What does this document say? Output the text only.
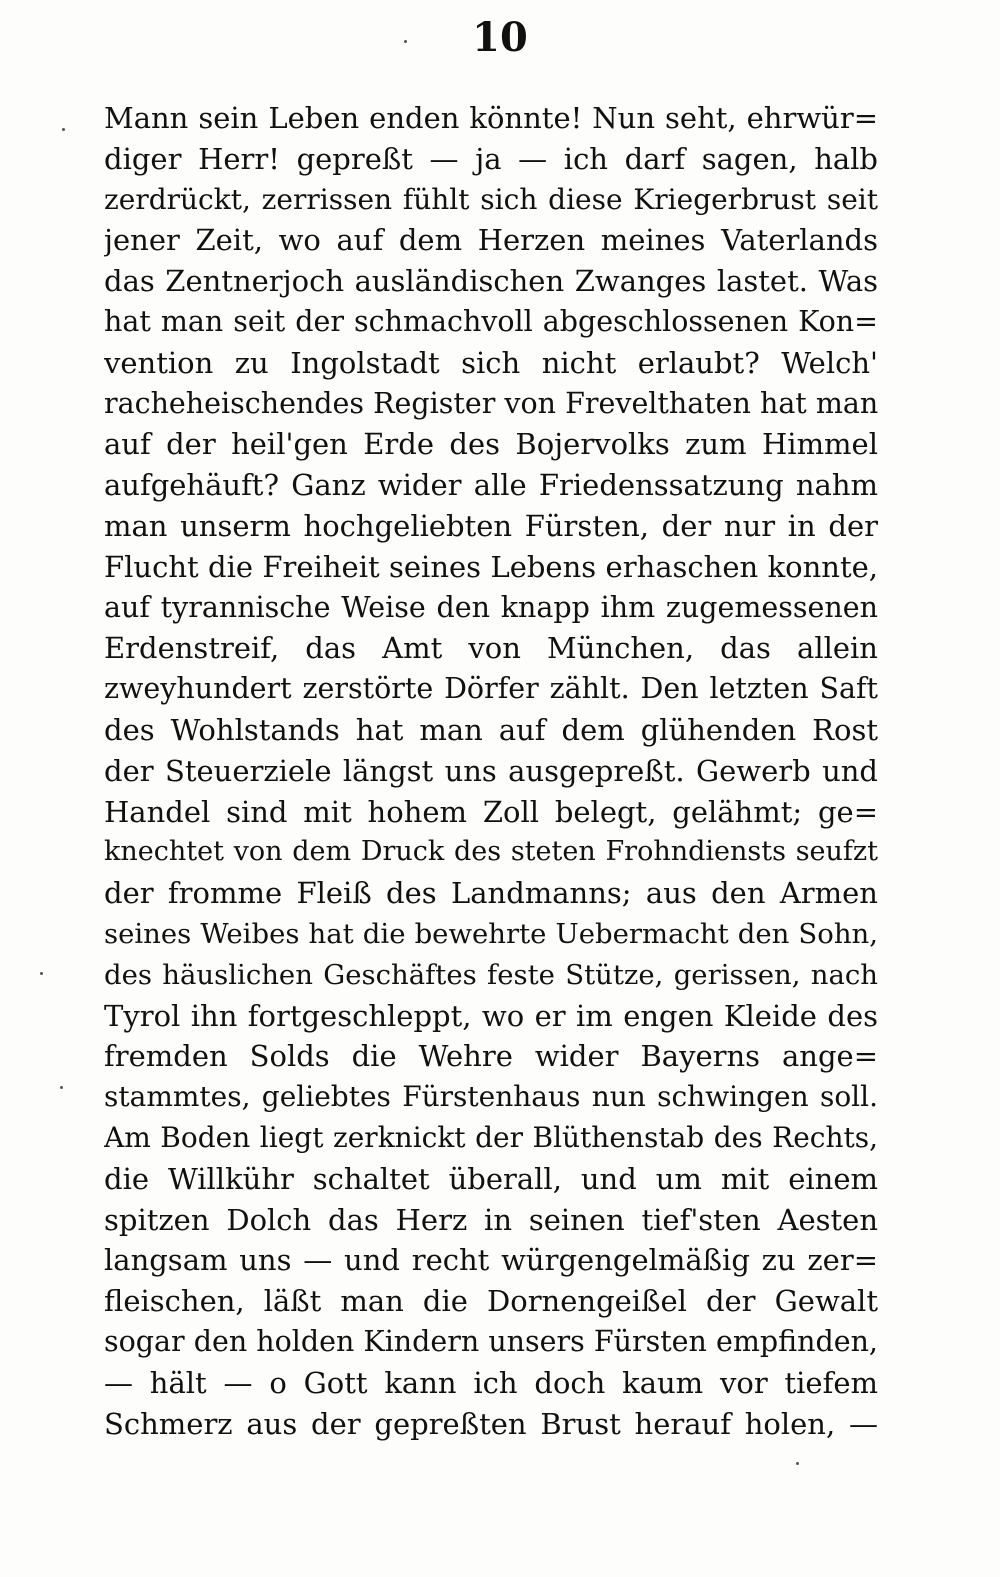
10
Mann sein Leben enden könnte! Nun seht, ehrwür=
diger Herr! gepreßt — ja — ich darf sagen, halb
zerdrückt, zerrissen fühlt sich diese Kriegerbrust seit
jener Zeit, wo auf dem Herzen meines Vaterlands
das Zentnerjoch ausländischen Zwanges lastet. Was
hat man seit der schmachvoll abgeschlossenen Kon=
vention zu Ingolstadt sich nicht erlaubt? Welch'
racheheischendes Register von Frevelthaten hat man
auf der heil'gen Erde des Bojervolks zum Himmel
aufgehäuft? Ganz wider alle Friedenssatzung nahm
man unserm hochgeliebten Fürsten, der nur in der
Flucht die Freiheit seines Lebens erhaschen konnte,
auf tyrannische Weise den knapp ihm zugemessenen
Erdenstreif, das Amt von München, das allein
zweyhundert zerstörte Dörfer zählt. Den letzten Saft
des Wohlstands hat man auf dem glühenden Rost
der Steuerziele längst uns ausgepreßt. Gewerb und
Handel sind mit hohem Zoll belegt, gelähmt; ge=
knechtet von dem Druck des steten Frohndiensts seufzt
der fromme Fleiß des Landmanns; aus den Armen
seines Weibes hat die bewehrte Uebermacht den Sohn,
des häuslichen Geschäftes feste Stütze, gerissen, nach
Tyrol ihn fortgeschleppt, wo er im engen Kleide des
fremden Solds die Wehre wider Bayerns ange=
stammtes, geliebtes Fürstenhaus nun schwingen soll.
Am Boden liegt zerknickt der Blüthenstab des Rechts,
die Willkühr schaltet überall, und um mit einem
spitzen Dolch das Herz in seinen tief'sten Aesten
langsam uns — und recht würgengelmäßig zu zer=
fleischen, läßt man die Dornengeißel der Gewalt
sogar den holden Kindern unsers Fürsten empfinden,
— hält — o Gott kann ich doch kaum vor tiefem
Schmerz aus der gepreßten Brust herauf holen, —
